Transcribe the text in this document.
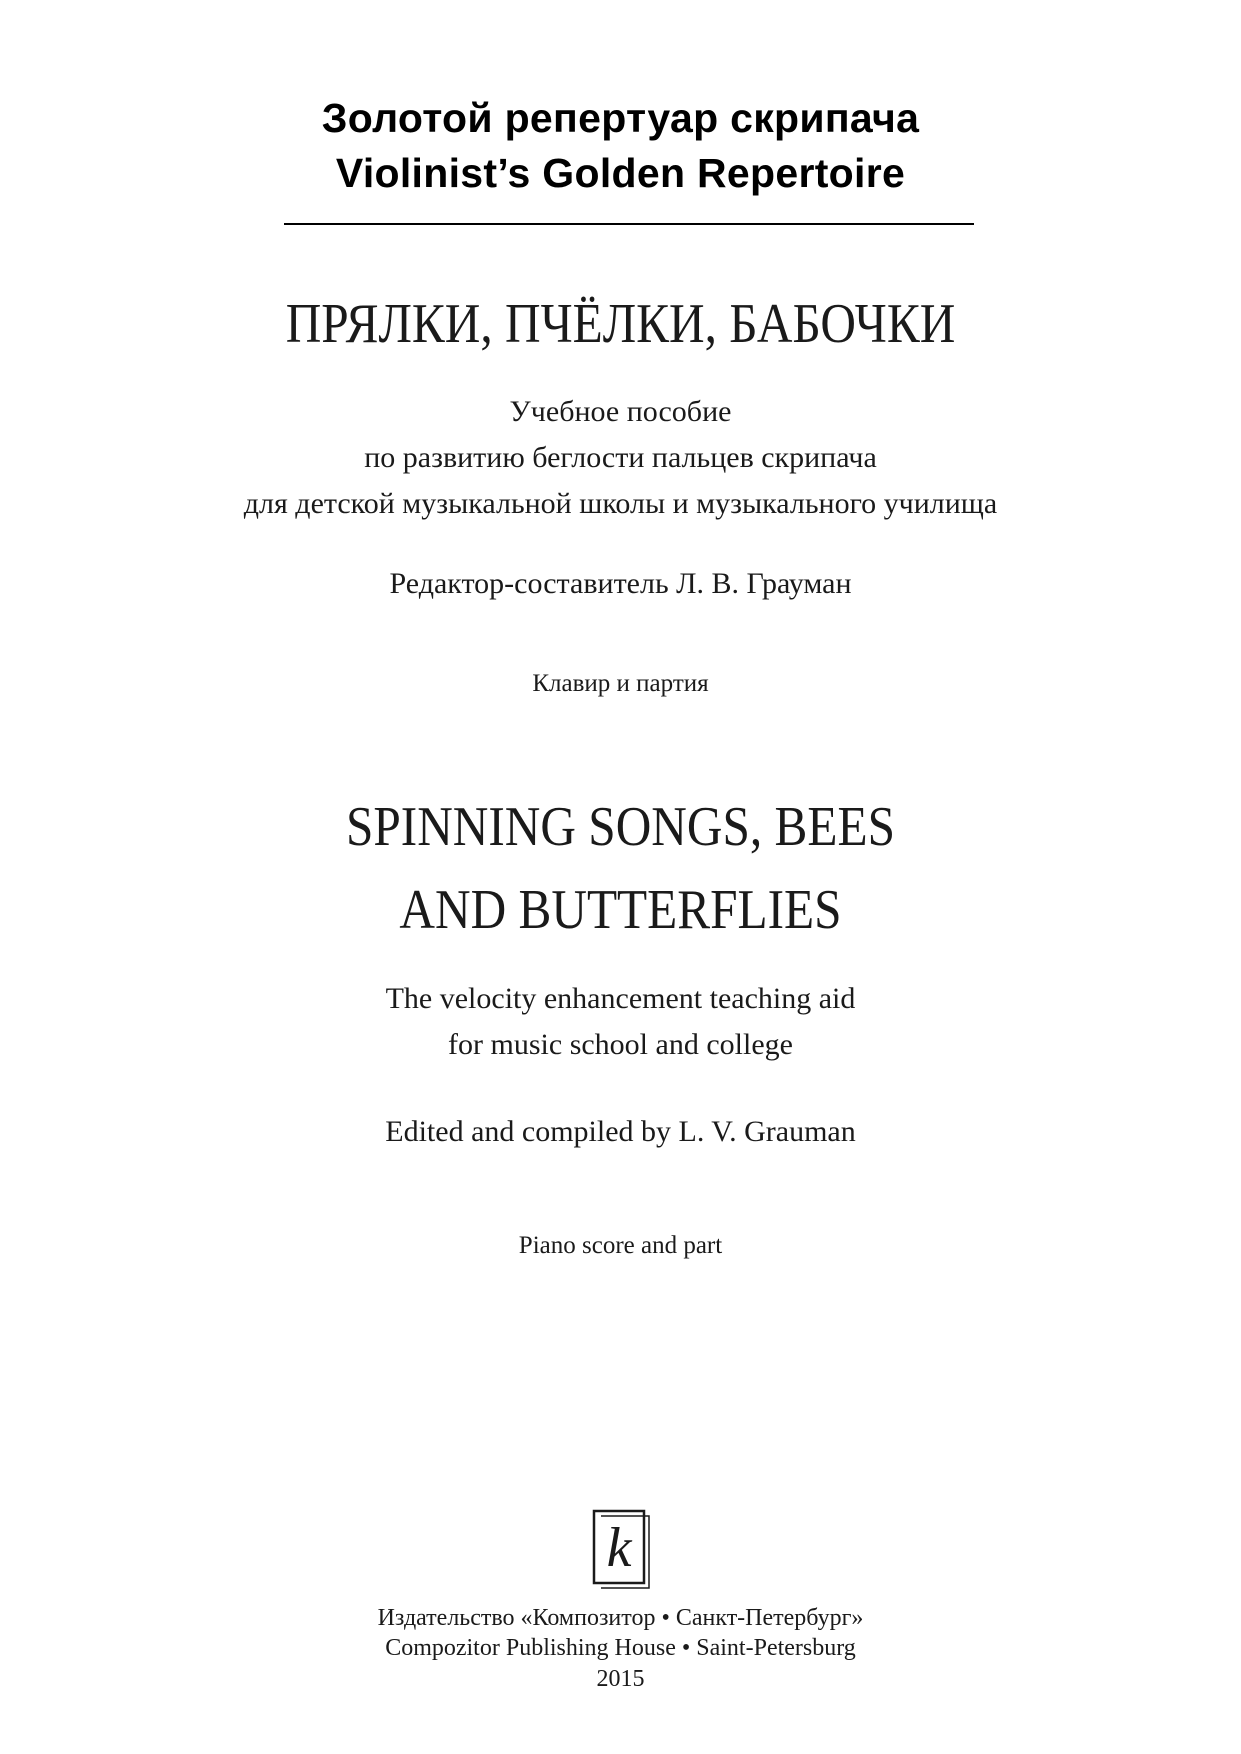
Золотой репертуар скрипача
Violinist’s Golden Repertoire
ПРЯЛКИ, ПЧЁЛКИ, БАБОЧКИ
Учебное пособие
по развитию беглости пальцев скрипача
для детской музыкальной школы и музыкального училища
Редактор-составитель Л. В. Грауман
Клавир и партия
SPINNING SONGS, BEES
AND BUTTERFLIES
The velocity enhancement teaching aid
for music school and college
Edited and compiled by L. V. Grauman
Piano score and part
k
Издательство «Композитор • Санкт-Петербург»
Compozitor Publishing House • Saint-Petersburg
2015
